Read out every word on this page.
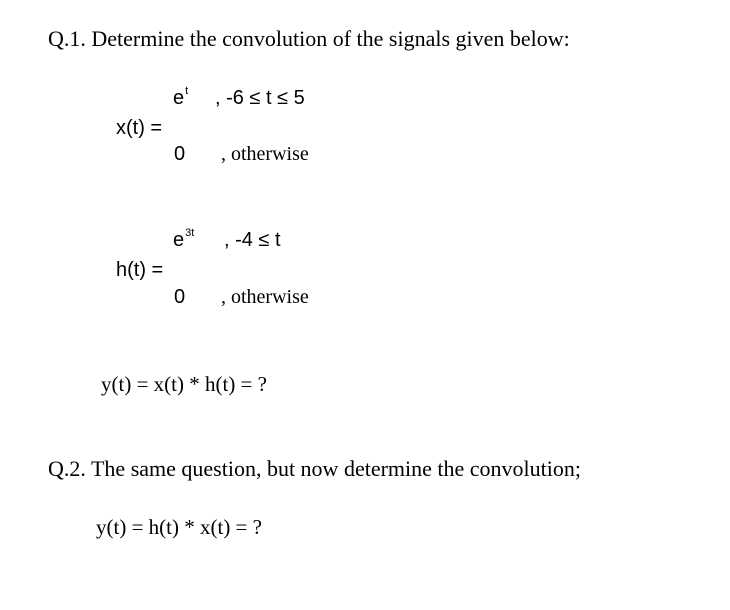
Q.1. Determine the convolution of the signals given below:
$e^t$ , -6 ≤ t ≤ 5
x(t) =
0 , otherwise
$e^{3t}$ , -4 ≤ t
h(t) =
0 , otherwise
y(t) = x(t) * h(t) = ?
Q.2. The same question, but now determine the convolution;
y(t) = h(t) * x(t) = ?
